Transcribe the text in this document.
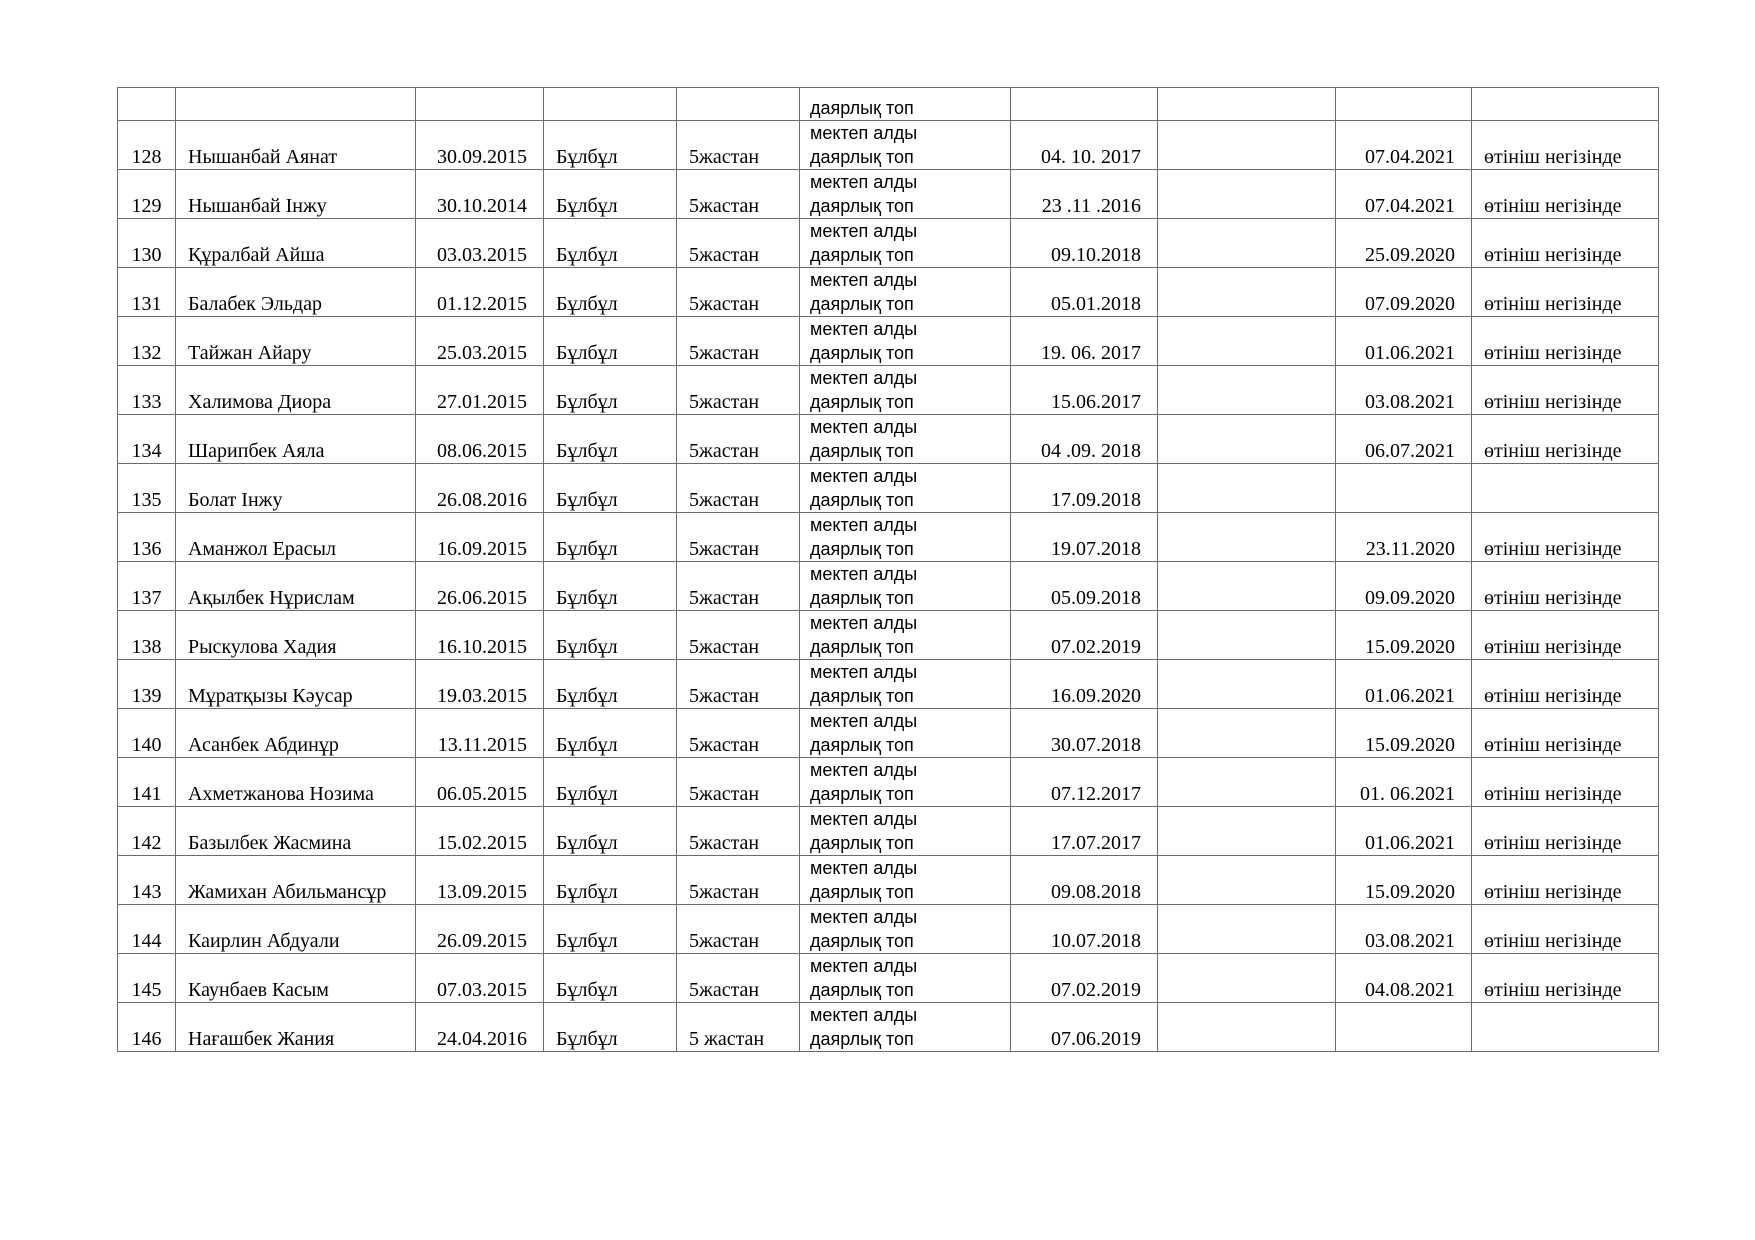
					даярлық топ				

128	Нышанбай Аянат	30.09.2015	Бұлбұл	5жастан	мектеп алды
даярлық топ	04. 10. 2017		07.04.2021	өтініш негізінде
129	Нышанбай Інжу	30.10.2014	Бұлбұл	5жастан	мектеп алды
даярлық топ	23 .11 .2016		07.04.2021	өтініш негізінде
130	Құралбай Айша	03.03.2015	Бұлбұл	5жастан	мектеп алды
даярлық топ	09.10.2018		25.09.2020	өтініш негізінде
131	Балабек Эльдар	01.12.2015	Бұлбұл	5жастан	мектеп алды
даярлық топ	05.01.2018		07.09.2020	өтініш негізінде
132	Тайжан Айару	25.03.2015	Бұлбұл	5жастан	мектеп алды
даярлық топ	19. 06. 2017		01.06.2021	өтініш негізінде
133	Халимова Диора	27.01.2015	Бұлбұл	5жастан	мектеп алды
даярлық топ	15.06.2017		03.08.2021	өтініш негізінде
134	Шарипбек Аяла	08.06.2015	Бұлбұл	5жастан	мектеп алды
даярлық топ	04 .09. 2018		06.07.2021	өтініш негізінде
135	Болат Інжу	26.08.2016	Бұлбұл	5жастан	мектеп алды
даярлық топ	17.09.2018			
136	Аманжол Ерасыл	16.09.2015	Бұлбұл	5жастан	мектеп алды
даярлық топ	19.07.2018		23.11.2020	өтініш негізінде
137	Ақылбек Нұрислам	26.06.2015	Бұлбұл	5жастан	мектеп алды
даярлық топ	05.09.2018		09.09.2020	өтініш негізінде
138	Рыскулова Хадия	16.10.2015	Бұлбұл	5жастан	мектеп алды
даярлық топ	07.02.2019		15.09.2020	өтініш негізінде
139	Мұратқызы Кәусар	19.03.2015	Бұлбұл	5жастан	мектеп алды
даярлық топ	16.09.2020		01.06.2021	өтініш негізінде
140	Асанбек Абдинұр	13.11.2015	Бұлбұл	5жастан	мектеп алды
даярлық топ	30.07.2018		15.09.2020	өтініш негізінде
141	Ахметжанова Нозима	06.05.2015	Бұлбұл	5жастан	мектеп алды
даярлық топ	07.12.2017		01. 06.2021	өтініш негізінде
142	Базылбек Жасмина	15.02.2015	Бұлбұл	5жастан	мектеп алды
даярлық топ	17.07.2017		01.06.2021	өтініш негізінде
143	Жамихан Абильмансұр	13.09.2015	Бұлбұл	5жастан	мектеп алды
даярлық топ	09.08.2018		15.09.2020	өтініш негізінде
144	Каирлин Абдуали	26.09.2015	Бұлбұл	5жастан	мектеп алды
даярлық топ	10.07.2018		03.08.2021	өтініш негізінде
145	Каунбаев Касым	07.03.2015	Бұлбұл	5жастан	мектеп алды
даярлық топ	07.02.2019		04.08.2021	өтініш негізінде
146	Нағашбек Жания	24.04.2016	Бұлбұл	5 жастан	мектеп алды
даярлық топ	07.06.2019			
